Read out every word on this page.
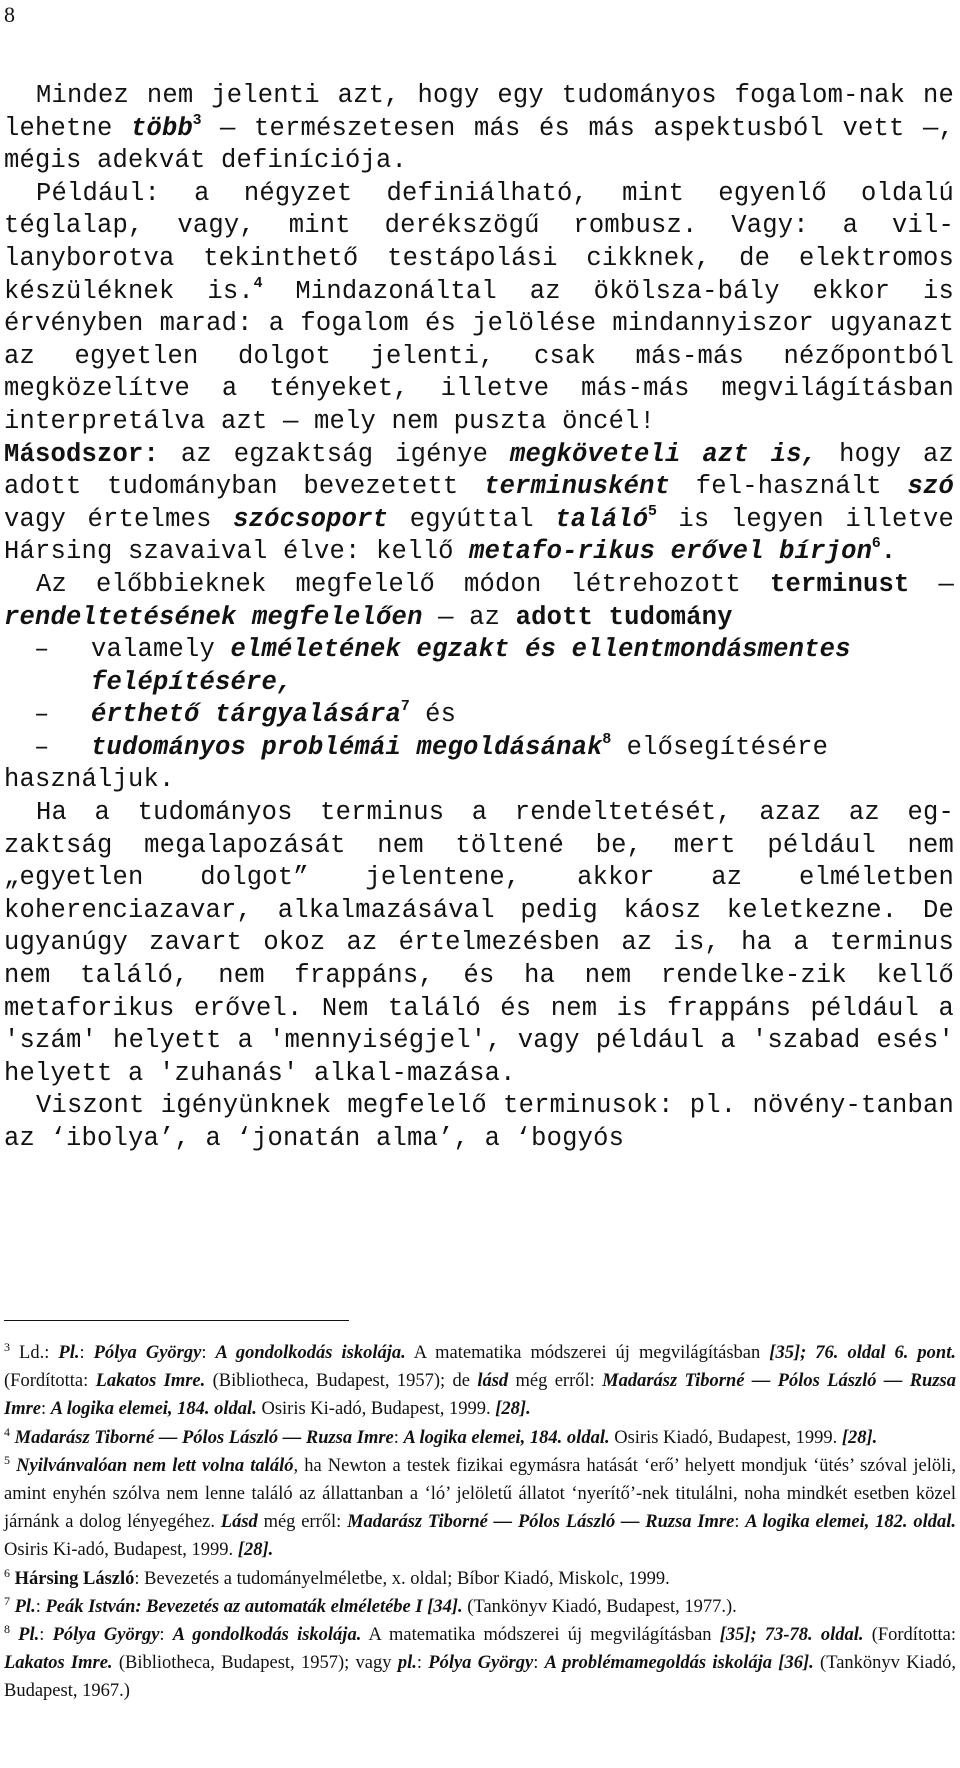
8

Mindez nem jelenti azt, hogy egy tudományos fogalom-nak ne lehetne több$^3$ — természetesen más és más aspektusból vett —, mégis adekvát definíciója.

Például: a négyzet definiálható, mint egyenlő oldalú téglalap, vagy, mint derékszögű rombusz. Vagy: a vil-lanyborotva tekinthető testápolási cikknek, de elektromos készüléknek is.$^4$ Mindazonáltal az ökölsza-bály ekkor is érvényben marad: a fogalom és jelölése mindannyiszor ugyanazt az egyetlen dolgot jelenti, csak más-más nézőpontból megközelítve a tényeket, illetve más-más megvilágításban interpretálva azt — mely nem puszta öncél!

Másodszor: az egzaktság igénye megköveteli azt is, hogy az adott tudományban bevezetett terminusként fel-használt szó vagy értelmes szócsoport egyúttal találó$^5$ is legyen illetve Hársing szavaival élve: kellő metafo-rikus erővel bírjon$^6$.

Az előbbieknek megfelelő módon létrehozott terminust — rendeltetésének megfelelően — az adott tudomány

– valamely elméletének egzakt és ellentmondásmentes felépítésére,
– érthető tárgyalására$^7$ és
– tudományos problémái megoldásának$^8$ elősegítésére

használjuk.

Ha a tudományos terminus a rendeltetését, azaz az eg-zaktság megalapozását nem töltené be, mert például nem „egyetlen dolgot” jelentene, akkor az elméletben koherenciazavar, alkalmazásával pedig káosz keletkezne. De ugyanúgy zavart okoz az értelmezésben az is, ha a terminus nem találó, nem frappáns, és ha nem rendelke-zik kellő metaforikus erővel. Nem találó és nem is frappáns például a 'szám' helyett a 'mennyiségjel', vagy például a 'szabad esés' helyett a 'zuhanás' alkal-mazása.

Viszont igényünknek megfelelő terminusok: pl. növény-tanban az ‘ibolya’, a ‘jonatán alma’, a ‘bogyós

$^3$ Ld.: Pl.: Pólya György: A gondolkodás iskolája. A matematika módszerei új megvilágításban [35]; 76. oldal 6. pont. (Fordította: Lakatos Imre. (Bibliotheca, Budapest, 1957); de lásd még erről: Madarász Tiborné — Pólos László — Ruzsa Imre: A logika elemei, 184. oldal. Osiris Ki-adó, Budapest, 1999. [28].

$^4$ Madarász Tiborné — Pólos László — Ruzsa Imre: A logika elemei, 184. oldal. Osiris Kiadó, Budapest, 1999. [28].

$^5$ Nyilvánvalóan nem lett volna találó, ha Newton a testek fizikai egymásra hatását ‘erő’ helyett mondjuk ‘ütés’ szóval jelöli, amint enyhén szólva nem lenne találó az állattanban a ‘ló’ jelöletű állatot ‘nyerítő’-nek titulálni, noha mindkét esetben közel járnánk a dolog lényegéhez. Lásd még erről: Madarász Tiborné — Pólos László — Ruzsa Imre: A logika elemei, 182. oldal. Osiris Ki-adó, Budapest, 1999. [28].

$^6$ Hársing László: Bevezetés a tudományelméletbe, x. oldal; Bíbor Kiadó, Miskolc, 1999.

$^7$ Pl.: Peák István: Bevezetés az automaták elméletébe I [34]. (Tankönyv Kiadó, Budapest, 1977.).

$^8$ Pl.: Pólya György: A gondolkodás iskolája. A matematika módszerei új megvilágításban [35]; 73-78. oldal. (Fordította: Lakatos Imre. (Bibliotheca, Budapest, 1957); vagy pl.: Pólya György: A problémamegoldás iskolája [36]. (Tankönyv Kiadó, Budapest, 1967.)
